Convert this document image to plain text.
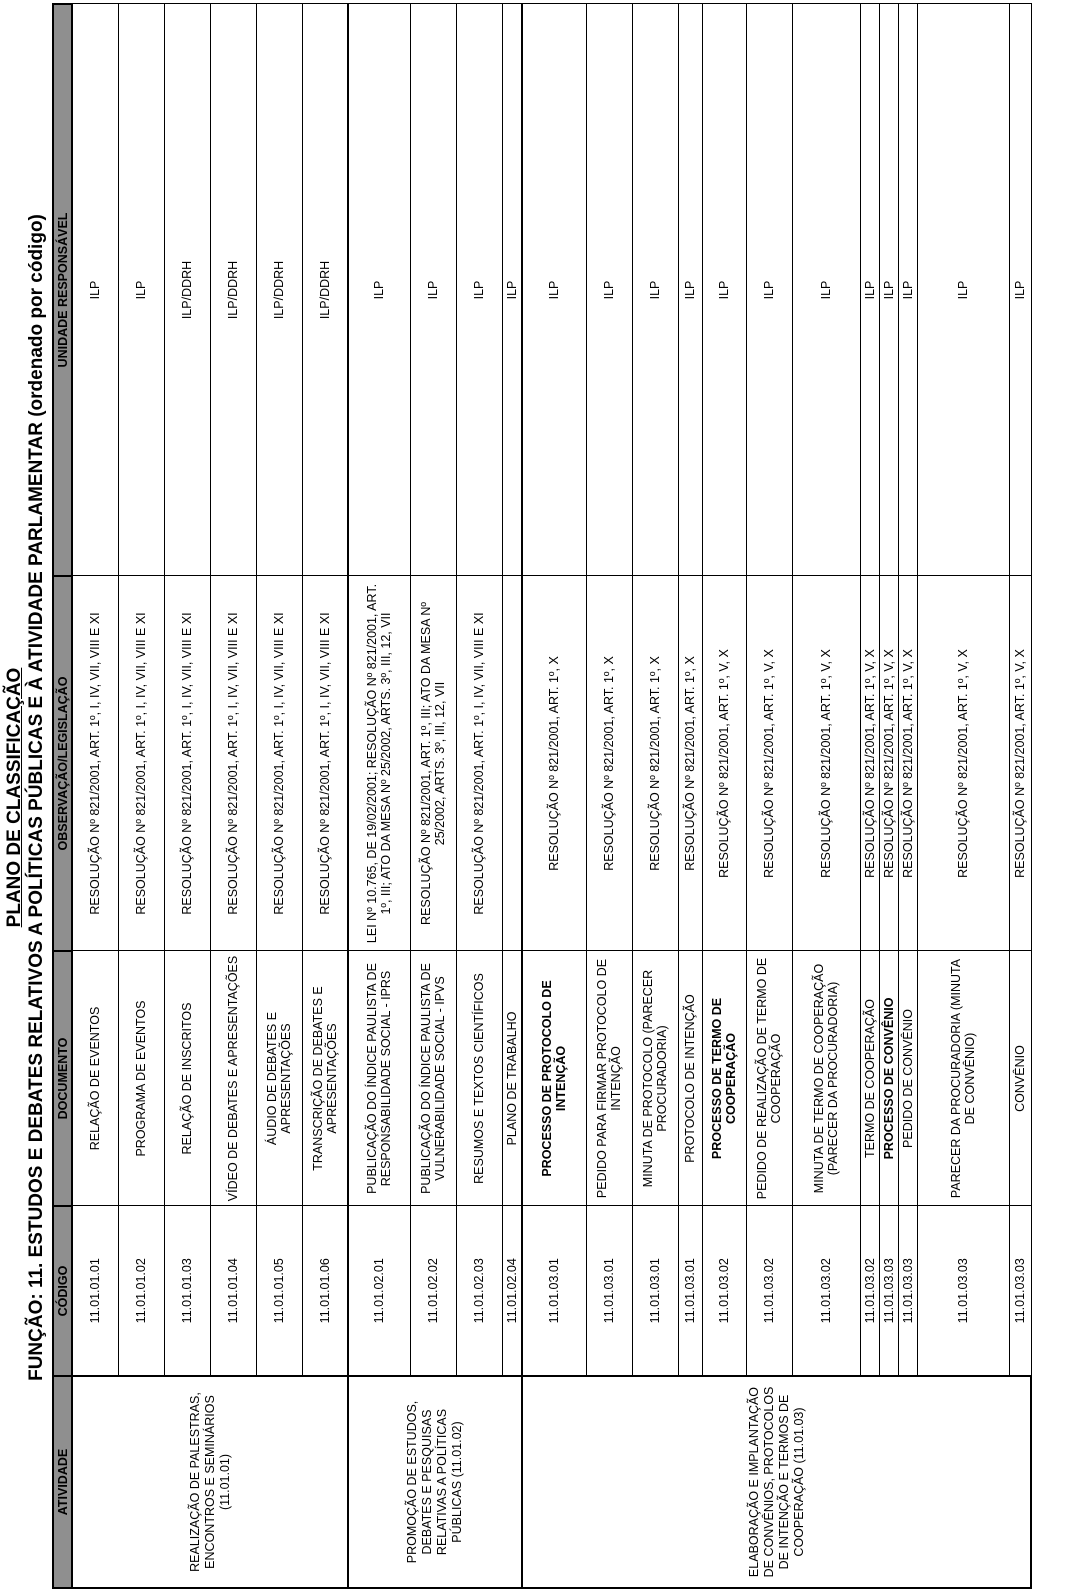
PLANO DE CLASSIFICAÇÃO FUNÇÃO: 11. ESTUDOS E DEBATES RELATIVOS A POLÍTICAS PÚBLICAS E À ATIVIDADE PARLAMENTAR (ordenado por código)
ATIVIDADE	CÓDIGO	DOCUMENTO	OBSERVAÇÃO/LEGISLAÇÃO	UNIDADE RESPONSÁVEL
REALIZAÇÃO DE PALESTRAS, ENCONTROS E SEMINÁRIOS (11.01.01)	11.01.01.01	RELAÇÃO DE EVENTOS	RESOLUÇÃO Nº 821/2001, ART. 1º, I, IV, VII, VIII E XI	ILP
	11.01.01.02	PROGRAMA DE EVENTOS	RESOLUÇÃO Nº 821/2001, ART. 1º, I, IV, VII, VIII E XI	ILP
	11.01.01.03	RELAÇÃO DE INSCRITOS	RESOLUÇÃO Nº 821/2001, ART. 1º, I, IV, VII, VIII E XI	ILP/DDRH
	11.01.01.04	VÍDEO DE DEBATES E APRESENTAÇÕES	RESOLUÇÃO Nº 821/2001, ART. 1º, I, IV, VII, VIII E XI	ILP/DDRH
	11.01.01.05	ÁUDIO DE DEBATES E APRESENTAÇÕES	RESOLUÇÃO Nº 821/2001, ART. 1º, I, IV, VII, VIII E XI	ILP/DDRH
	11.01.01.06	TRANSCRIÇÃO DE DEBATES E APRESENTAÇÕES	RESOLUÇÃO Nº 821/2001, ART. 1º, I, IV, VII, VIII E XI	ILP/DDRH
PROMOÇÃO DE ESTUDOS, DEBATES E PESQUISAS RELATIVAS A POLÍTICAS PÚBLICAS (11.01.02)	11.01.02.01	PUBLICAÇÃO DO ÍNDICE PAULISTA DE RESPONSABILIDADE SOCIAL - IPRS	LEI Nº 10.765, DE 19/02/2001; RESOLUÇÃO Nº 821/2001, ART. 1º, III; ATO DA MESA Nº 25/2002, ARTS. 3º, III, 12, VII	ILP
	11.01.02.02	PUBLICAÇÃO DO ÍNDICE PAULISTA DE VULNERABILIDADE SOCIAL - IPVS	RESOLUÇÃO Nº 821/2001, ART. 1º, III; ATO DA MESA Nº 25/2002, ARTS. 3º, III, 12, VII	ILP
	11.01.02.03	RESUMOS E TEXTOS CIENTÍFICOS	RESOLUÇÃO Nº 821/2001, ART. 1º, I, IV, VII, VIII E XI	ILP
	11.01.02.04	PLANO DE TRABALHO		ILP
ELABORAÇÃO E IMPLANTAÇÃO DE CONVÊNIOS, PROTOCOLOS DE INTENÇÃO E TERMOS DE COOPERAÇÃO (11.01.03)	11.01.03.01	PROCESSO DE PROTOCOLO DE INTENÇÃO	RESOLUÇÃO Nº 821/2001, ART. 1º, X	ILP
	11.01.03.01	PEDIDO PARA FIRMAR PROTOCOLO DE INTENÇÃO	RESOLUÇÃO Nº 821/2001, ART. 1º, X	ILP
	11.01.03.01	MINUTA DE PROTOCOLO (PARECER PROCURADORIA)	RESOLUÇÃO Nº 821/2001, ART. 1º, X	ILP
	11.01.03.01	PROTOCOLO DE INTENÇÃO	RESOLUÇÃO Nº 821/2001, ART. 1º, X	ILP
	11.01.03.02	PROCESSO DE TERMO DE COOPERAÇÃO	RESOLUÇÃO Nº 821/2001, ART. 1º, V, X	ILP
	11.01.03.02	PEDIDO DE REALIZAÇÃO DE TERMO DE COOPERAÇÃO	RESOLUÇÃO Nº 821/2001, ART. 1º, V, X	ILP
	11.01.03.02	MINUTA DE TERMO DE COOPERAÇÃO (PARECER DA PROCURADORIA)	RESOLUÇÃO Nº 821/2001, ART. 1º, V, X	ILP
	11.01.03.02	TERMO DE COOPERAÇÃO	RESOLUÇÃO Nº 821/2001, ART. 1º, V, X	ILP
	11.01.03.03	PROCESSO DE CONVÊNIO	RESOLUÇÃO Nº 821/2001, ART. 1º, V, X	ILP
	11.01.03.03	PEDIDO DE CONVÊNIO	RESOLUÇÃO Nº 821/2001, ART. 1º, V, X	ILP
	11.01.03.03	PARECER DA PROCURADORIA (MINUTA DE CONVÊNIO)	RESOLUÇÃO Nº 821/2001, ART. 1º, V, X	ILP
	11.01.03.03	CONVÊNIO	RESOLUÇÃO Nº 821/2001, ART. 1º, V, X	ILP
